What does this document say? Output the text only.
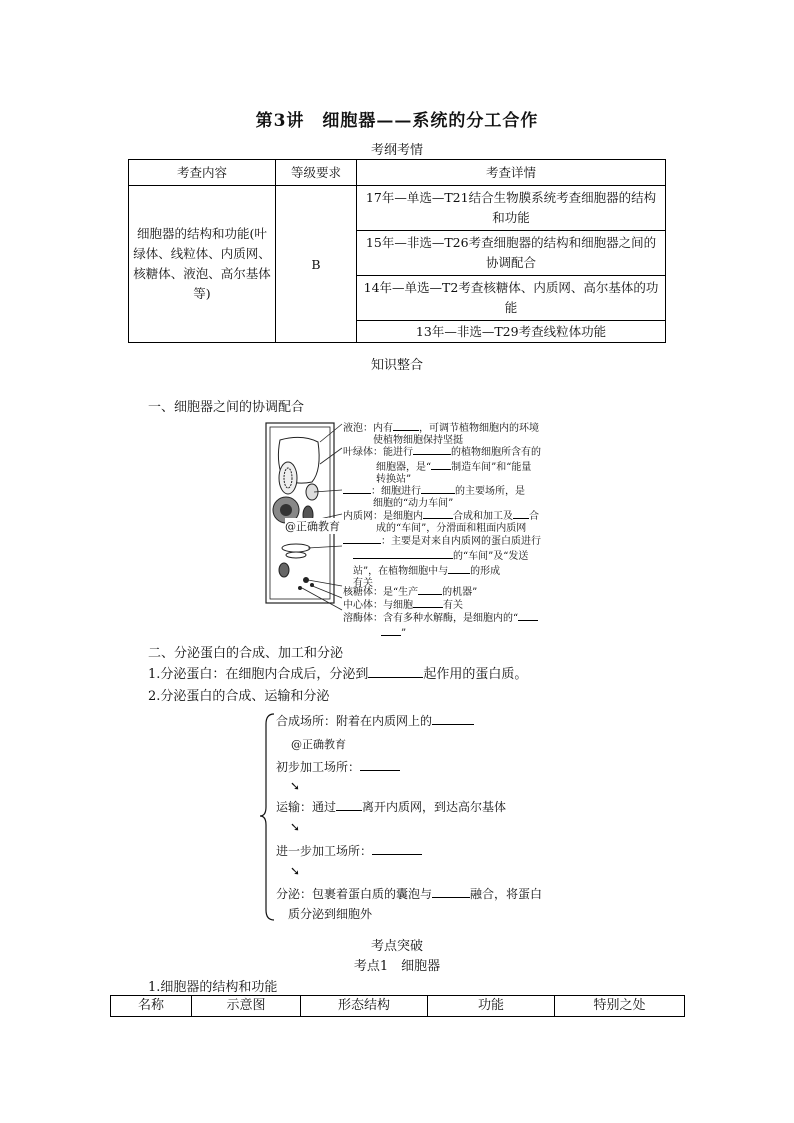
第3讲　细胞器——系统的分工合作
考纲考情
考查内容	等级要求	考查详情
细胞器的结构和功能(叶绿体、线粒体、内质网、核糖体、液泡、高尔基体等)	B	17年—单选—T21结合生物膜系统考查细胞器的结构和功能
		15年—非选—T26考查细胞器的结构和细胞器之间的协调配合
		14年—单选—T2考查核糖体、内质网、高尔基体的功能
		13年—非选—T29考查线粒体功能
知识整合
一、细胞器之间的协调配合
@正确教育
液泡：内有	，可调节植物细胞内的环境
使植物细胞保持坚挺
叶绿体：能进行	的植物细胞所含有的
细胞器，是“ 制造车间”和“能量
转换站”
：细胞进行	的主要场所，是
细胞的“动力车间”
内质网：是细胞内	合成和加工及 合
成的“车间”，分滑面和粗面内质网
：主要是对来自内质网的蛋白质进行
的“车间”及“发送
站”，在植物细胞中与 的形成
有关
核糖体：是“生产 的机器”
中心体：与细胞	有关
溶酶体：含有多种水解酶，是细胞内的“
”
二、分泌蛋白的合成、加工和分泌
1.分泌蛋白：在细胞内合成后，分泌到	起作用的蛋白质。
2.分泌蛋白的合成、运输和分泌
合成场所：附着在内质网上的
@正确教育
初步加工场所：
➘
运输：通过 离开内质网，到达高尔基体
➘
进一步加工场所：
➘
分泌：包裹着蛋白质的囊泡与	融合，将蛋白
质分泌到细胞外
考点突破
考点1　细胞器
1.细胞器的结构和功能
名称	示意图	形态结构	功能	特别之处
